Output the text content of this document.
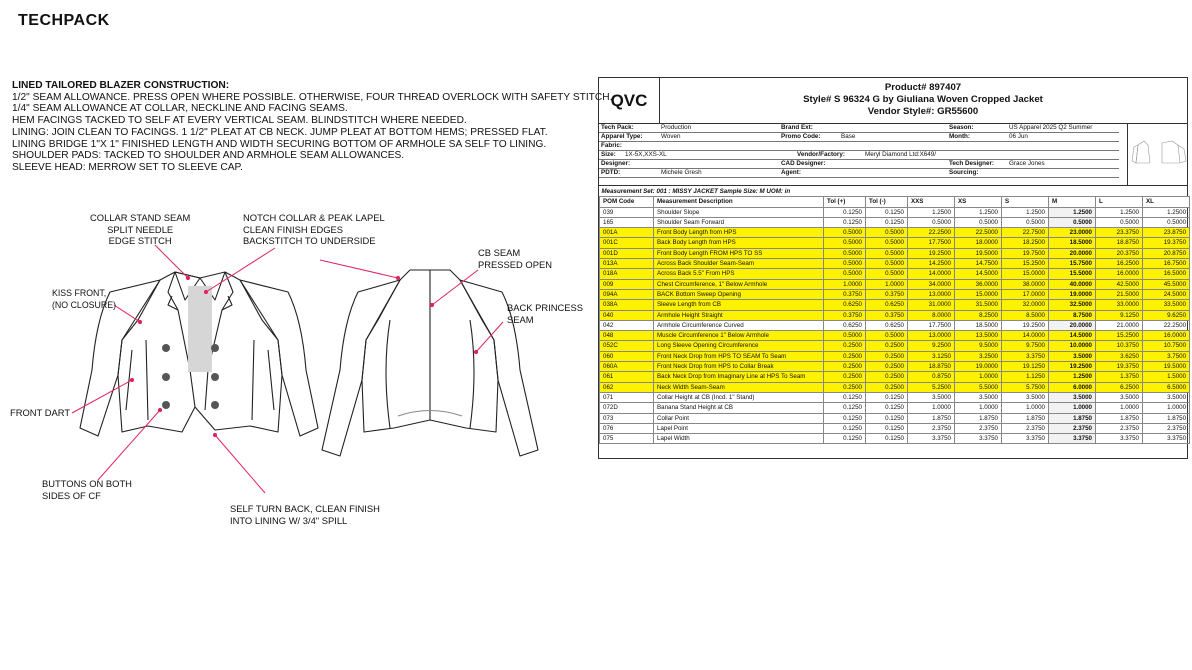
TECHPACK
LINED TAILORED BLAZER CONSTRUCTION:
1/2" SEAM ALLOWANCE. PRESS OPEN WHERE POSSIBLE. OTHERWISE, FOUR THREAD OVERLOCK WITH SAFETY STITCH.
1/4" SEAM ALLOWANCE AT COLLAR, NECKLINE AND FACING SEAMS.
HEM FACINGS TACKED TO SELF AT EVERY VERTICAL SEAM. BLINDSTITCH WHERE NEEDED.
LINING: JOIN CLEAN TO FACINGS. 1 1/2" PLEAT AT CB NECK. JUMP PLEAT AT BOTTOM HEMS; PRESSED FLAT.
LINING BRIDGE 1"X 1" FINISHED LENGTH AND WIDTH SECURING BOTTOM OF ARMHOLE SA SELF TO LINING.
SHOULDER PADS: TACKED TO SHOULDER AND ARMHOLE SEAM ALLOWANCES.
SLEEVE HEAD: MERROW SET TO SLEEVE CAP.
COLLAR STAND SEAM
SPLIT NEEDLE
EDGE STITCH
NOTCH COLLAR & PEAK LAPEL
CLEAN FINISH EDGES
BACKSTITCH TO UNDERSIDE
CB SEAM
PRESSED OPEN
KISS FRONT,
(NO CLOSURE)	BACK PRINCESS
SEAM
FRONT DART
BUTTONS ON BOTH
SIDES OF CF
SELF TURN BACK, CLEAN FINISH
INTO LINING W/ 3/4" SPILL
QVC
Product# 897407
Style# S 96324 G by Giuliana Woven Cropped Jacket
Vendor Style#: GR55600
Tech Pack:	Production	Brand Ext:	Season:	US Apparel 2025 Q2 Summer
Apparel Type:	Woven	Promo Code:	Base	Month:	06 Jun
Fabric:
Size: 1X-5X,XXS-XL	Vendor/Factory:	Meryl Diamond Ltd:X649/
Designer:	CAD Designer:	Tech Designer: Grace Jones
PDTD:	Michele Gresh	Agent:	Sourcing:
Measurement Set: 001 : MISSY JACKET Sample Size: M UOM: in									
POM Code	Measurement Description	Tol (+)	Tol (-)	XXS	XS	S	M	L	XL
039	Shoulder Slope	0.1250	0.1250	1.2500	1.2500	1.2500	1.2500	1.2500	1.2500
165	Shoulder Seam Forward	0.1250	0.1250	0.5000	0.5000	0.5000	0.5000	0.5000	0.5000
001A	Front Body Length from HPS	0.5000	0.5000	22.2500	22.5000	22.7500	23.0000	23.3750	23.8750
001C	Back Body Length from HPS	0.5000	0.5000	17.7500	18.0000	18.2500	18.5000	18.8750	19.3750
001D	Front Body Length FROM HPS TO SS	0.5000	0.5000	19.2500	19.5000	19.7500	20.0000	20.3750	20.8750
013A	Across Back Shoulder Seam-Seam	0.5000	0.5000	14.2500	14.7500	15.2500	15.7500	16.2500	16.7500
018A	Across Back 5.5" From HPS	0.5000	0.5000	14.0000	14.5000	15.0000	15.5000	16.0000	16.5000
009	Chest Circumference, 1" Below Armhole	1.0000	1.0000	34.0000	36.0000	38.0000	40.0000	42.5000	45.5000
094A	BACK Bottom Sweep Opening	0.3750	0.3750	13.0000	15.0000	17.0000	19.0000	21.5000	24.5000
038A	Sleeve Length from CB	0.6250	0.6250	31.0000	31.5000	32.0000	32.5000	33.0000	33.5000
040	Armhole Height Straight	0.3750	0.3750	8.0000	8.2500	8.5000	8.7500	9.1250	9.6250
042	Armhole Circumference Curved	0.6250	0.6250	17.7500	18.5000	19.2500	20.0000	21.0000	22.2500
048	Muscle Circumference 1" Below Armhole	0.5000	0.5000	13.0000	13.5000	14.0000	14.5000	15.2500	16.0000
052C	Long Sleeve Opening Circumference	0.2500	0.2500	9.2500	9.5000	9.7500	10.0000	10.3750	10.7500
060	Front Neck Drop from HPS TO SEAM To Seam	0.2500	0.2500	3.1250	3.2500	3.3750	3.5000	3.6250	3.7500
060A	Front Neck Drop from HPS to Collar Break	0.2500	0.2500	18.8750	19.0000	19.1250	19.2500	19.3750	19.5000
061	Back Neck Drop from Imaginary Line at HPS To Seam	0.2500	0.2500	0.8750	1.0000	1.1250	1.2500	1.3750	1.5000
062	Neck Width Seam-Seam	0.2500	0.2500	5.2500	5.5000	5.7500	6.0000	6.2500	6.5000
071	Collar Height at CB (Incd. 1" Stand)	0.1250	0.1250	3.5000	3.5000	3.5000	3.5000	3.5000	3.5000
072D	Banana Stand Height at CB	0.1250	0.1250	1.0000	1.0000	1.0000	1.0000	1.0000	1.0000
073	Collar Point	0.1250	0.1250	1.8750	1.8750	1.8750	1.8750	1.8750	1.8750
076	Lapel Point	0.1250	0.1250	2.3750	2.3750	2.3750	2.3750	2.3750	2.3750
075	Lapel Width	0.1250	0.1250	3.3750	3.3750	3.3750	3.3750	3.3750	3.3750
